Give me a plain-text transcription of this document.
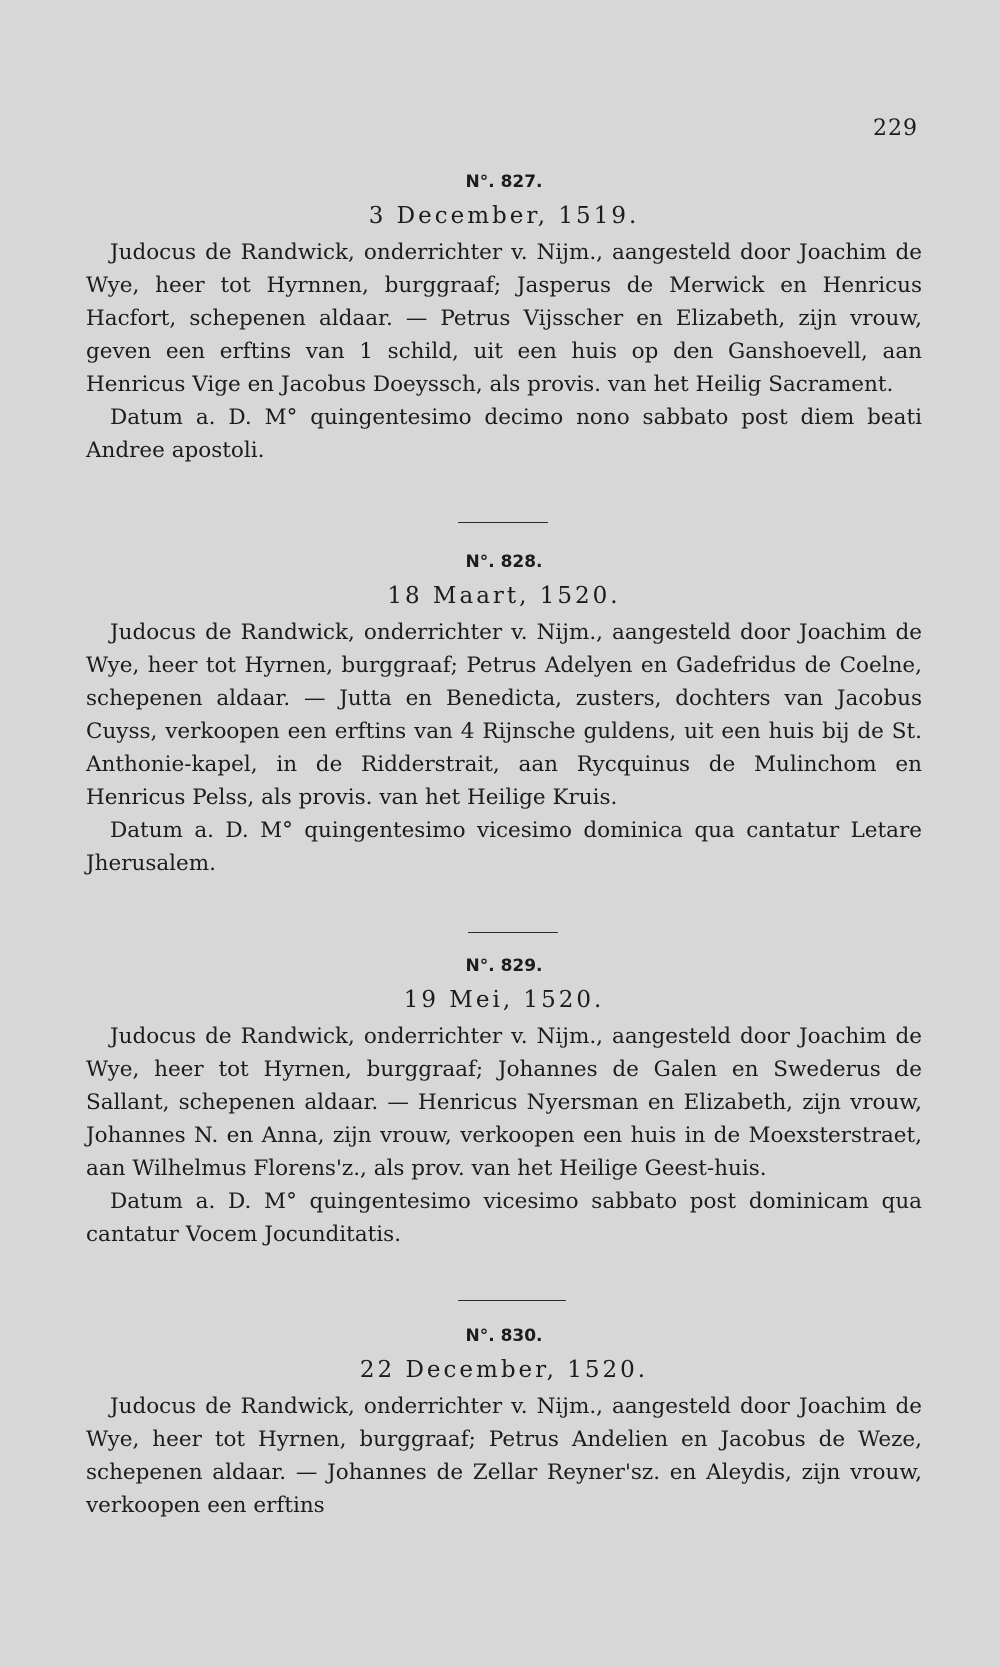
229
N°. 827.
3 December, 1519.

Judocus de Randwick, onderrichter v. Nijm., aangesteld door Joachim de Wye, heer tot Hyrnnen, burggraaf; Jasperus de Merwick en Henricus Hacfort, schepenen aldaar. — Petrus Vijsscher en Elizabeth, zijn vrouw, geven een erftins van 1 schild, uit een huis op den Ganshoevell, aan Henricus Vige en Jacobus Doeyssch, als provis. van het Heilig Sacrament.

Datum a. D. M° quingentesimo decimo nono sabbato post diem beati Andree apostoli.

N°. 828.
18 Maart, 1520.

Judocus de Randwick, onderrichter v. Nijm., aangesteld door Joachim de Wye, heer tot Hyrnen, burggraaf; Petrus Adelyen en Gadefridus de Coelne, schepenen aldaar. — Jutta en Benedicta, zusters, dochters van Jacobus Cuyss, verkoopen een erftins van 4 Rijnsche guldens, uit een huis bij de St. Anthonie-kapel, in de Ridderstrait, aan Rycquinus de Mulinchom en Henricus Pelss, als provis. van het Heilige Kruis.

Datum a. D. M° quingentesimo vicesimo dominica qua cantatur Letare Jherusalem.

N°. 829.
19 Mei, 1520.

Judocus de Randwick, onderrichter v. Nijm., aangesteld door Joachim de Wye, heer tot Hyrnen, burggraaf; Johannes de Galen en Swederus de Sallant, schepenen aldaar. — Henricus Nyersman en Elizabeth, zijn vrouw, Johannes N. en Anna, zijn vrouw, verkoopen een huis in de Moexsterstraet, aan Wilhelmus Florens'z., als prov. van het Heilige Geest-huis.

Datum a. D. M° quingentesimo vicesimo sabbato post dominicam qua cantatur Vocem Jocunditatis.

N°. 830.
22 December, 1520.

Judocus de Randwick, onderrichter v. Nijm., aangesteld door Joachim de Wye, heer tot Hyrnen, burggraaf; Petrus Andelien en Jacobus de Weze, schepenen aldaar. — Johannes de Zellar Reyner'sz. en Aleydis, zijn vrouw, verkoopen een erftins
